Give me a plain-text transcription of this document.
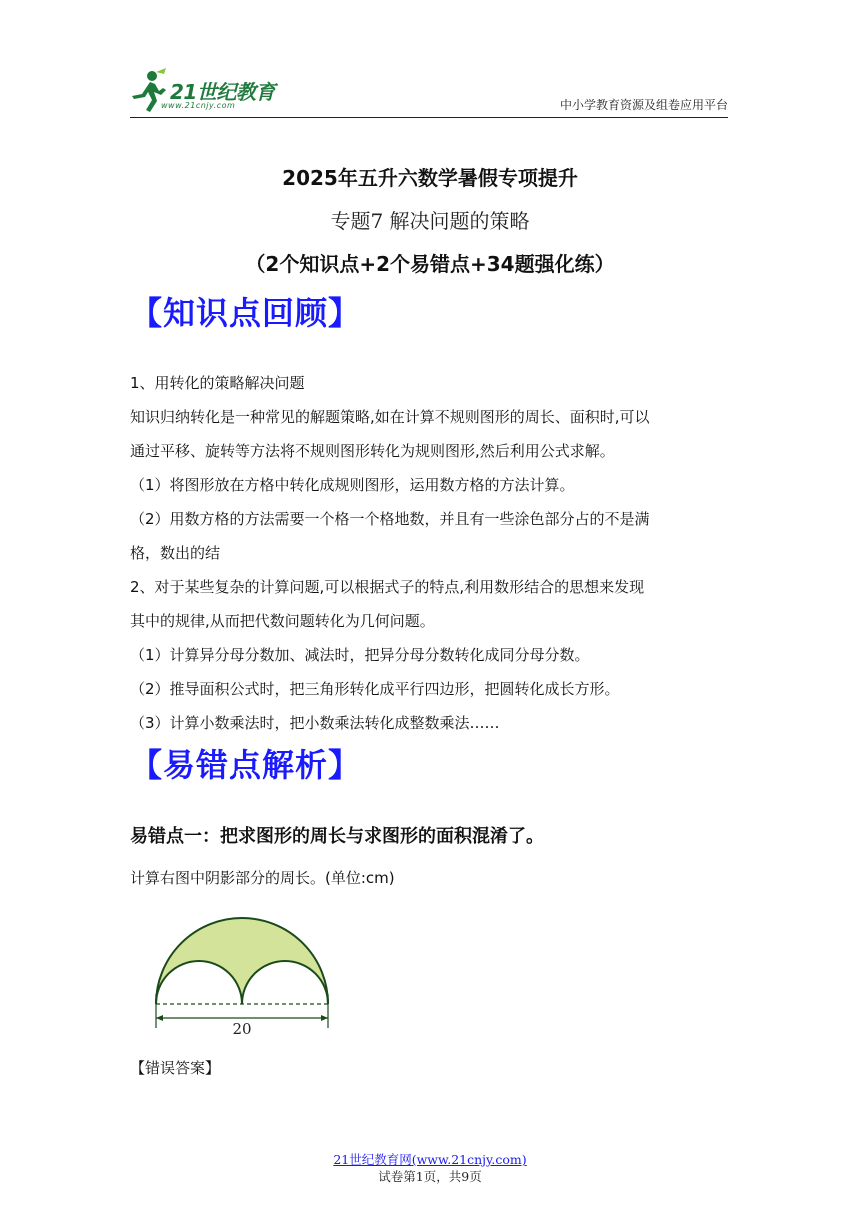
21世纪教育
www.21cnjy.com	中小学教育资源及组卷应用平台
2025年五升六数学暑假专项提升
专题7 解决问题的策略
（2个知识点+2个易错点+34题强化练）
【知识点回顾】
1、用转化的策略解决问题
知识归纳转化是一种常见的解题策略,如在计算不规则图形的周长、面积时,可以
通过平移、旋转等方法将不规则图形转化为规则图形,然后利用公式求解。
（1）将图形放在方格中转化成规则图形，运用数方格的方法计算。
（2）用数方格的方法需要一个格一个格地数，并且有一些涂色部分占的不是满
格，数出的结
2、对于某些复杂的计算问题,可以根据式子的特点,利用数形结合的思想来发现
其中的规律,从而把代数问题转化为几何问题。
（1）计算异分母分数加、减法时，把异分母分数转化成同分母分数。
（2）推导面积公式时，把三角形转化成平行四边形，把圆转化成长方形。
（3）计算小数乘法时，把小数乘法转化成整数乘法……
【易错点解析】
易错点一：把求图形的周长与求图形的面积混淆了。
计算右图中阴影部分的周长。(单位:cm)
20
【错误答案】
21世纪教育网(www.21cnjy.com)
试卷第1页，共9页
